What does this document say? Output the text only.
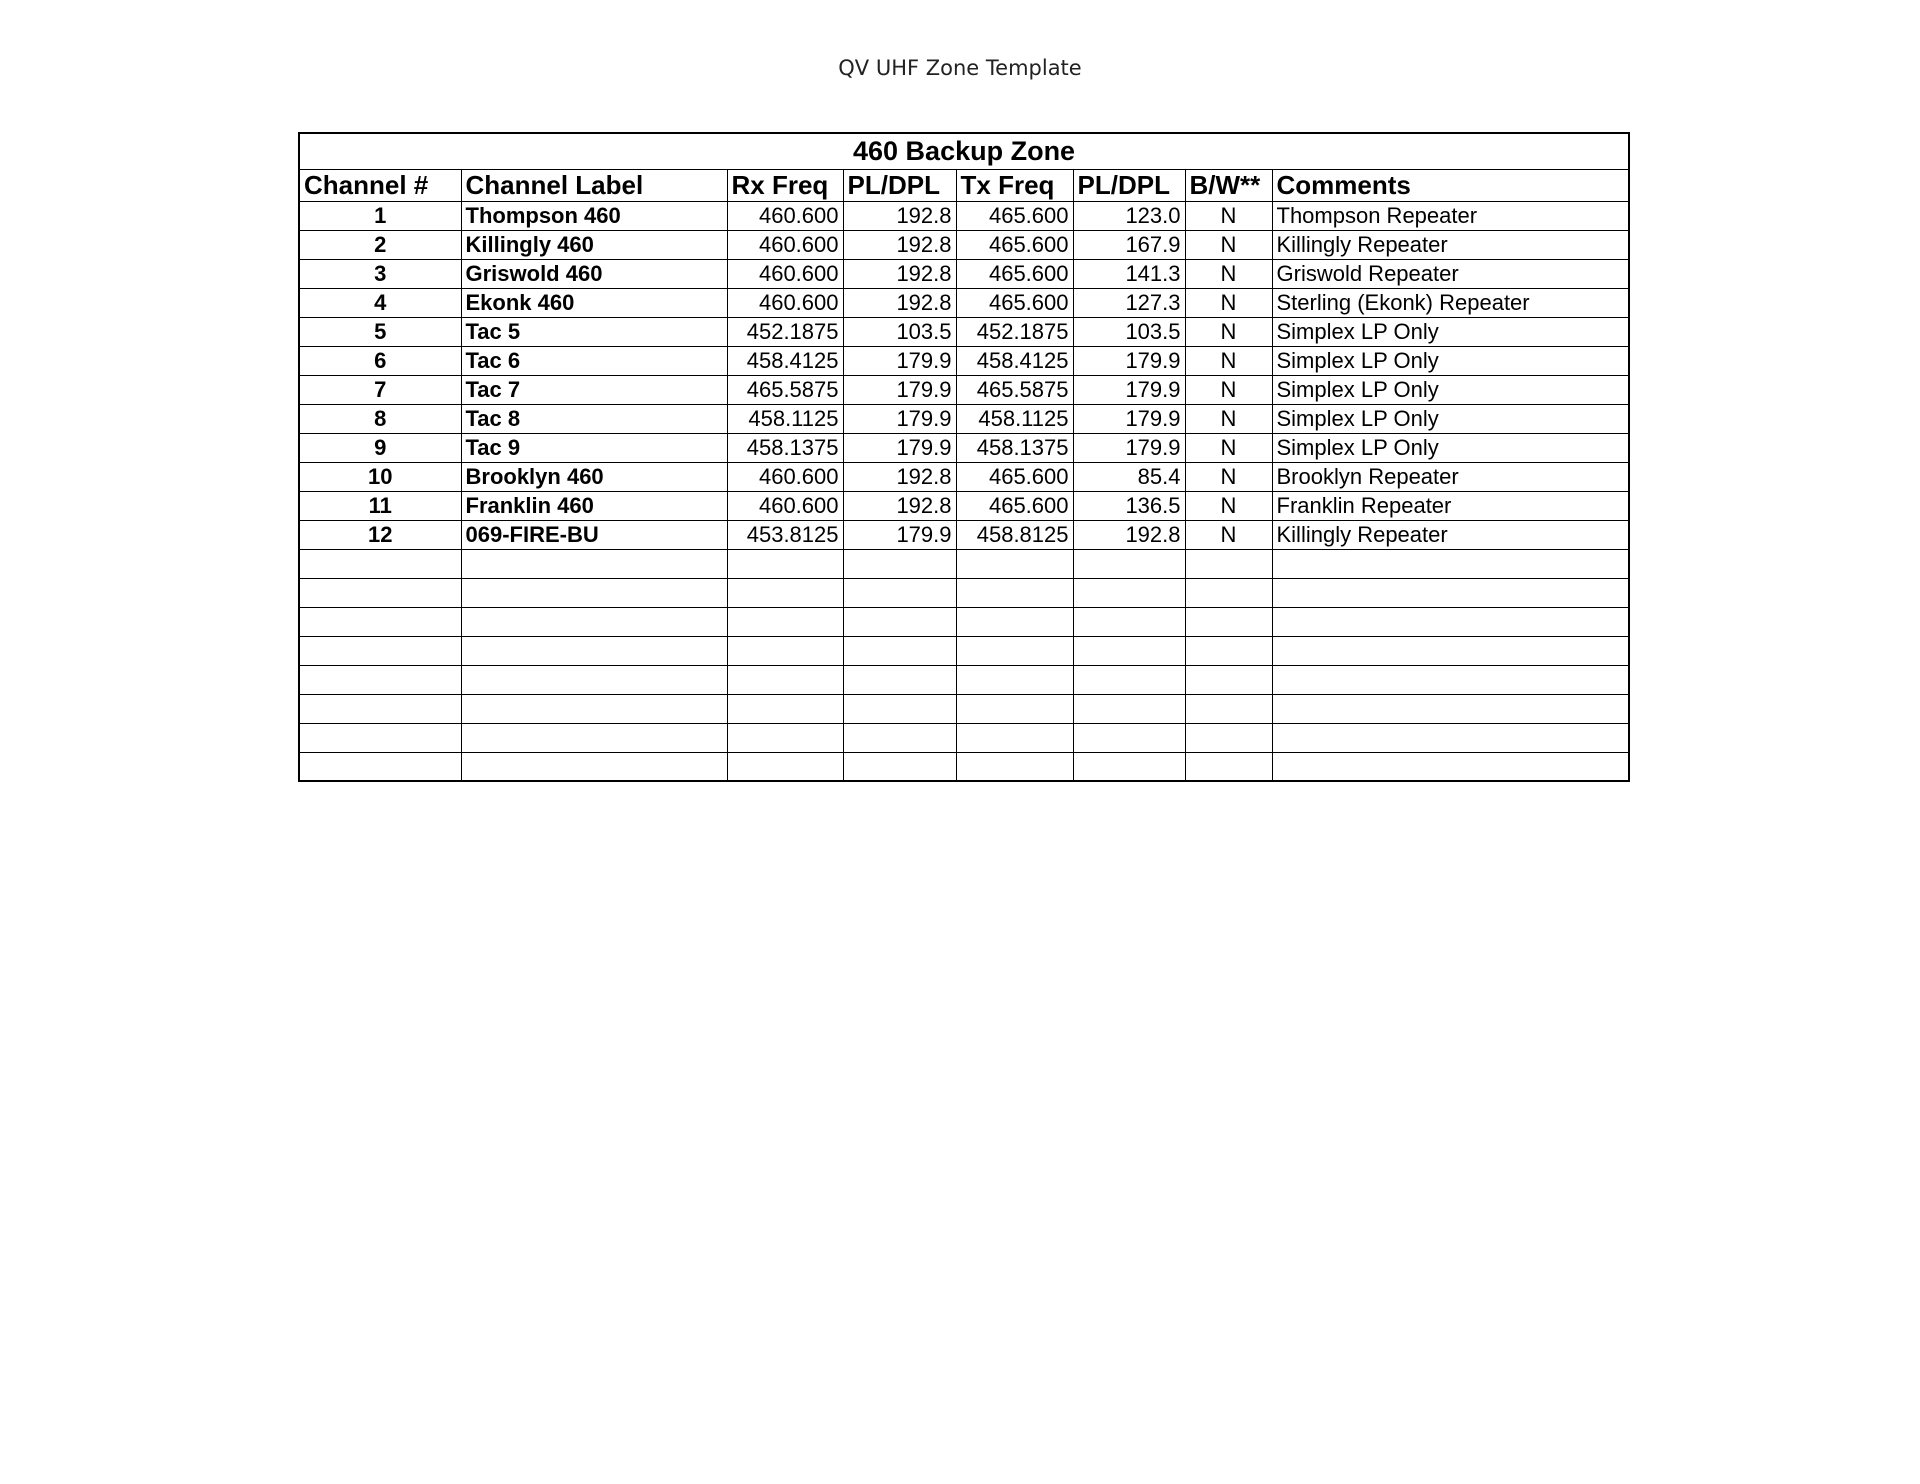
QV UHF Zone Template
460 Backup Zone							
Channel #	Channel Label	Rx Freq	PL/DPL	Tx Freq	PL/DPL	B/W**	Comments
1	Thompson 460	460.600	192.8	465.600	123.0	N	Thompson Repeater
2	Killingly 460	460.600	192.8	465.600	167.9	N	Killingly Repeater
3	Griswold 460	460.600	192.8	465.600	141.3	N	Griswold Repeater
4	Ekonk 460	460.600	192.8	465.600	127.3	N	Sterling (Ekonk) Repeater
5	Tac 5	452.1875	103.5	452.1875	103.5	N	Simplex LP Only
6	Tac 6	458.4125	179.9	458.4125	179.9	N	Simplex LP Only
7	Tac 7	465.5875	179.9	465.5875	179.9	N	Simplex LP Only
8	Tac 8	458.1125	179.9	458.1125	179.9	N	Simplex LP Only
9	Tac 9	458.1375	179.9	458.1375	179.9	N	Simplex LP Only
10	Brooklyn 460	460.600	192.8	465.600	85.4	N	Brooklyn Repeater
11	Franklin 460	460.600	192.8	465.600	136.5	N	Franklin Repeater
12	069-FIRE-BU	453.8125	179.9	458.8125	192.8	N	Killingly Repeater
